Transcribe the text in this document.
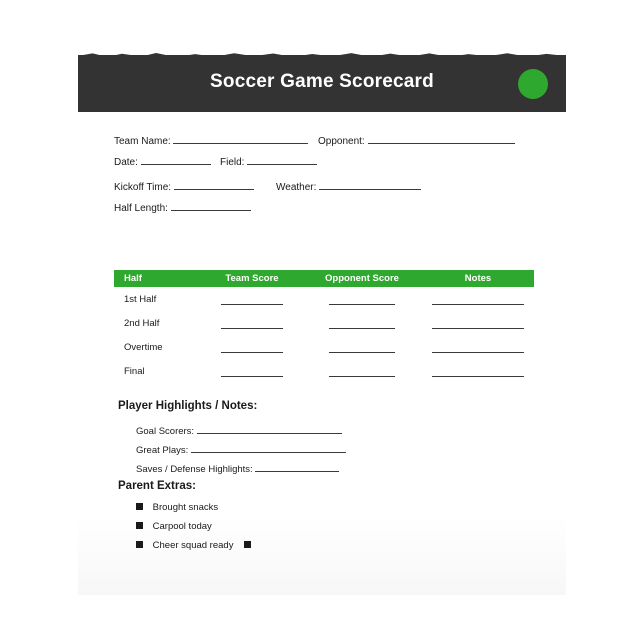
Soccer Game Scorecard
Team Name:	Opponent:
Date:	Field:
Kickoff Time:	Weather:
Half Length:
Half	Team Score	Opponent Score	Notes
1st Half
2nd Half
Overtime
Final
Player Highlights / Notes:
Goal Scorers:
Great Plays:
Saves / Defense Highlights:
Parent Extras:
Brought snacks
Carpool today
Cheer squad ready
